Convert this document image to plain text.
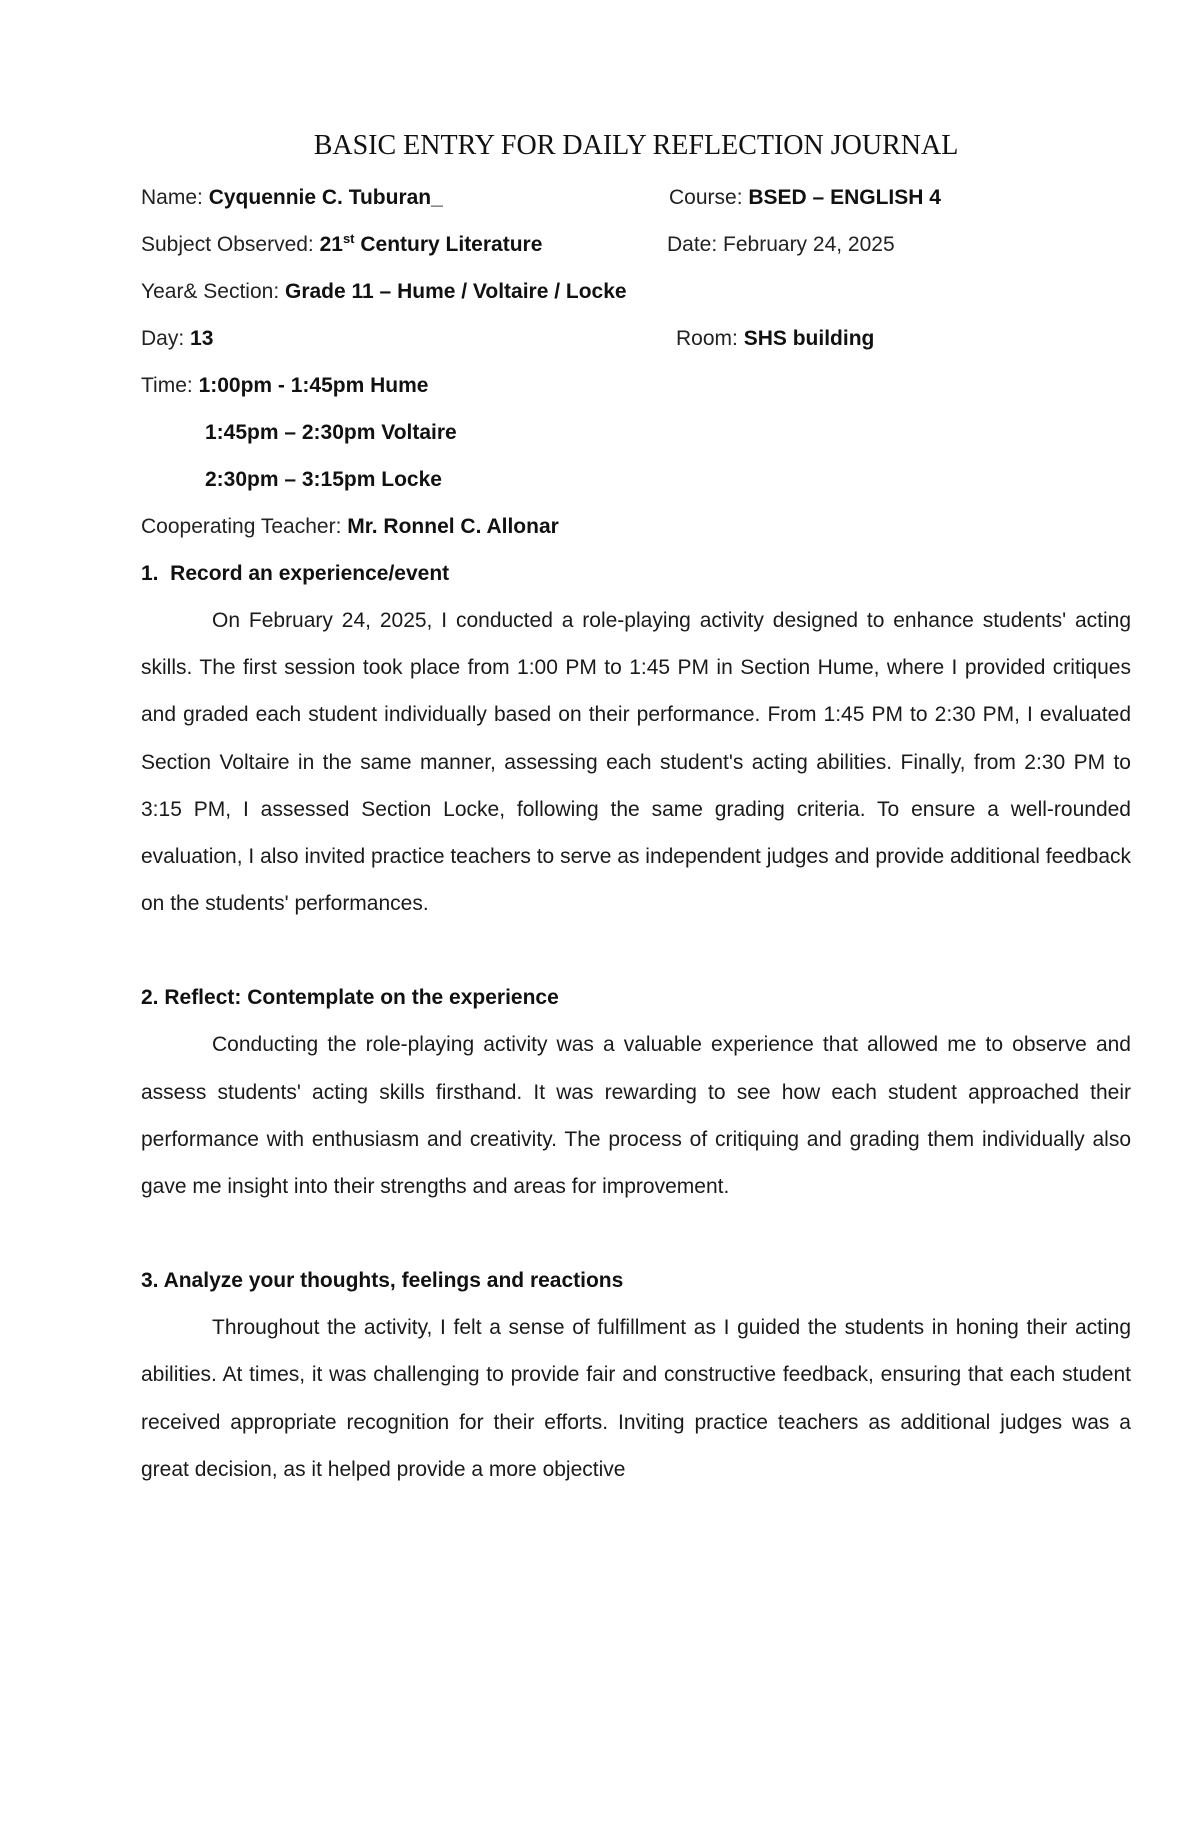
BASIC ENTRY FOR DAILY REFLECTION JOURNAL
Name: Cyquennie C. Tuburan_	Course: BSED – ENGLISH 4
Subject Observed: 21st Century Literature	Date: February 24, 2025
Year& Section: Grade 11 – Hume / Voltaire / Locke
Day: 13	Room: SHS building
Time: 1:00pm - 1:45pm Hume
1:45pm – 2:30pm Voltaire
2:30pm – 3:15pm Locke
Cooperating Teacher: Mr. Ronnel C. Allonar
1.  Record an experience/event

On February 24, 2025, I conducted a role-playing activity designed to enhance students' acting skills. The first session took place from 1:00 PM to 1:45 PM in Section Hume, where I provided critiques and graded each student individually based on their performance. From 1:45 PM to 2:30 PM, I evaluated Section Voltaire in the same manner, assessing each student's acting abilities. Finally, from 2:30 PM to 3:15 PM, I assessed Section Locke, following the same grading criteria. To ensure a well-rounded evaluation, I also invited practice teachers to serve as independent judges and provide additional feedback on the students' performances.

2. Reflect: Contemplate on the experience

Conducting the role-playing activity was a valuable experience that allowed me to observe and assess students' acting skills firsthand. It was rewarding to see how each student approached their performance with enthusiasm and creativity. The process of critiquing and grading them individually also gave me insight into their strengths and areas for improvement.

3. Analyze your thoughts, feelings and reactions

Throughout the activity, I felt a sense of fulfillment as I guided the students in honing their acting abilities. At times, it was challenging to provide fair and constructive feedback, ensuring that each student received appropriate recognition for their efforts. Inviting practice teachers as additional judges was a great decision, as it helped provide a more objective
